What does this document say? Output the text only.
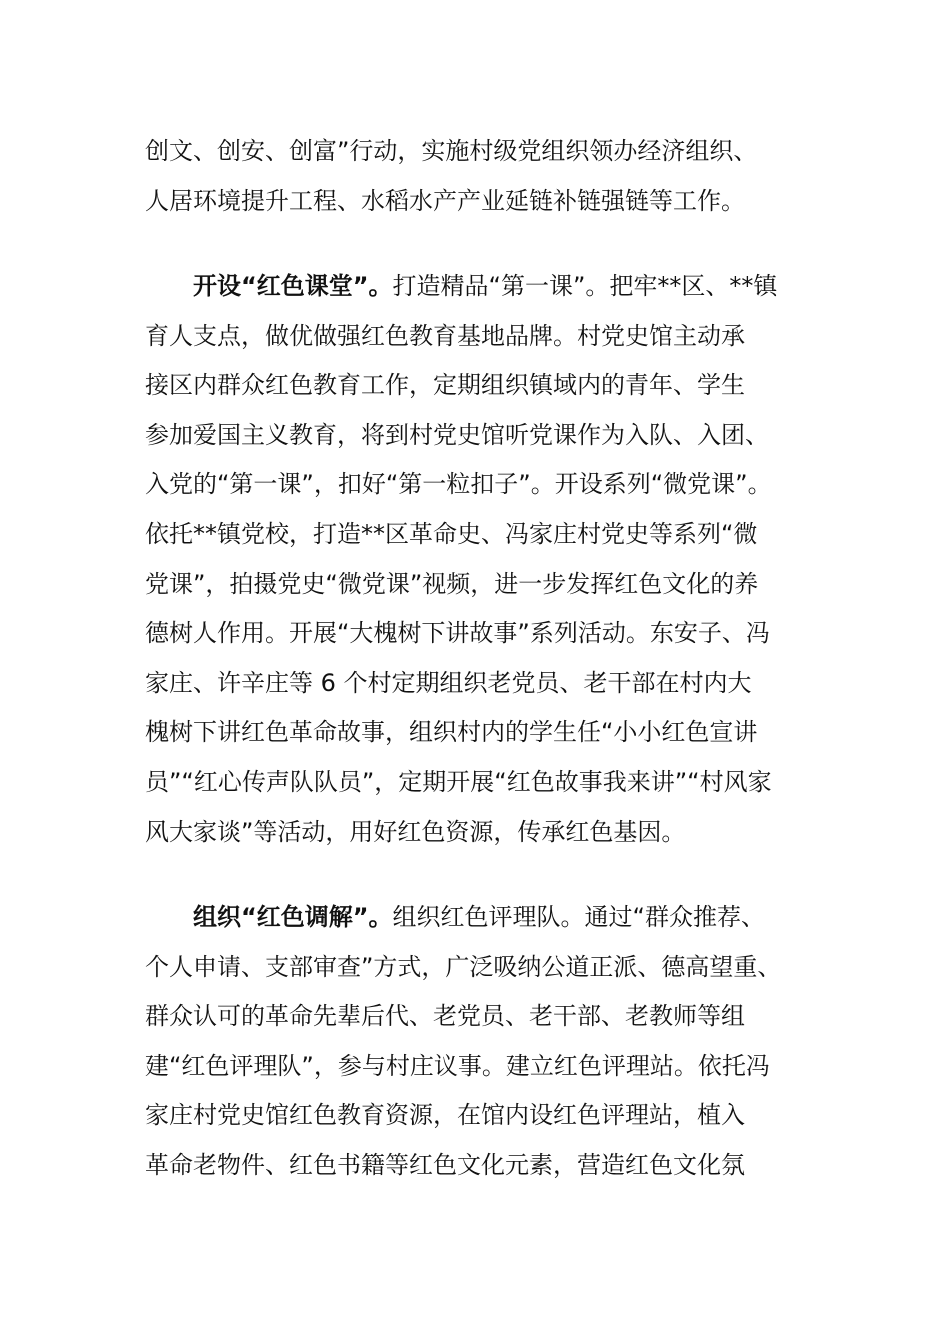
创文、创安、创富”行动，实施村级党组织领办经济组织、
人居环境提升工程、水稻水产产业延链补链强链等工作。

开设“红色课堂”。打造精品“第一课”。把牢**区、**镇
育人支点，做优做强红色教育基地品牌。村党史馆主动承
接区内群众红色教育工作，定期组织镇域内的青年、学生
参加爱国主义教育，将到村党史馆听党课作为入队、入团、
入党的“第一课”，扣好“第一粒扣子”。开设系列“微党课”。
依托**镇党校，打造**区革命史、冯家庄村党史等系列“微
党课”，拍摄党史“微党课”视频，进一步发挥红色文化的养
德树人作用。开展“大槐树下讲故事”系列活动。东安子、冯
家庄、许辛庄等 6 个村定期组织老党员、老干部在村内大
槐树下讲红色革命故事，组织村内的学生任“小小红色宣讲
员”“红心传声队队员”，定期开展“红色故事我来讲”“村风家
风大家谈”等活动，用好红色资源，传承红色基因。

组织“红色调解”。组织红色评理队。通过“群众推荐、
个人申请、支部审查”方式，广泛吸纳公道正派、德高望重、
群众认可的革命先辈后代、老党员、老干部、老教师等组
建“红色评理队”，参与村庄议事。建立红色评理站。依托冯
家庄村党史馆红色教育资源，在馆内设红色评理站，植入
革命老物件、红色书籍等红色文化元素，营造红色文化氛
